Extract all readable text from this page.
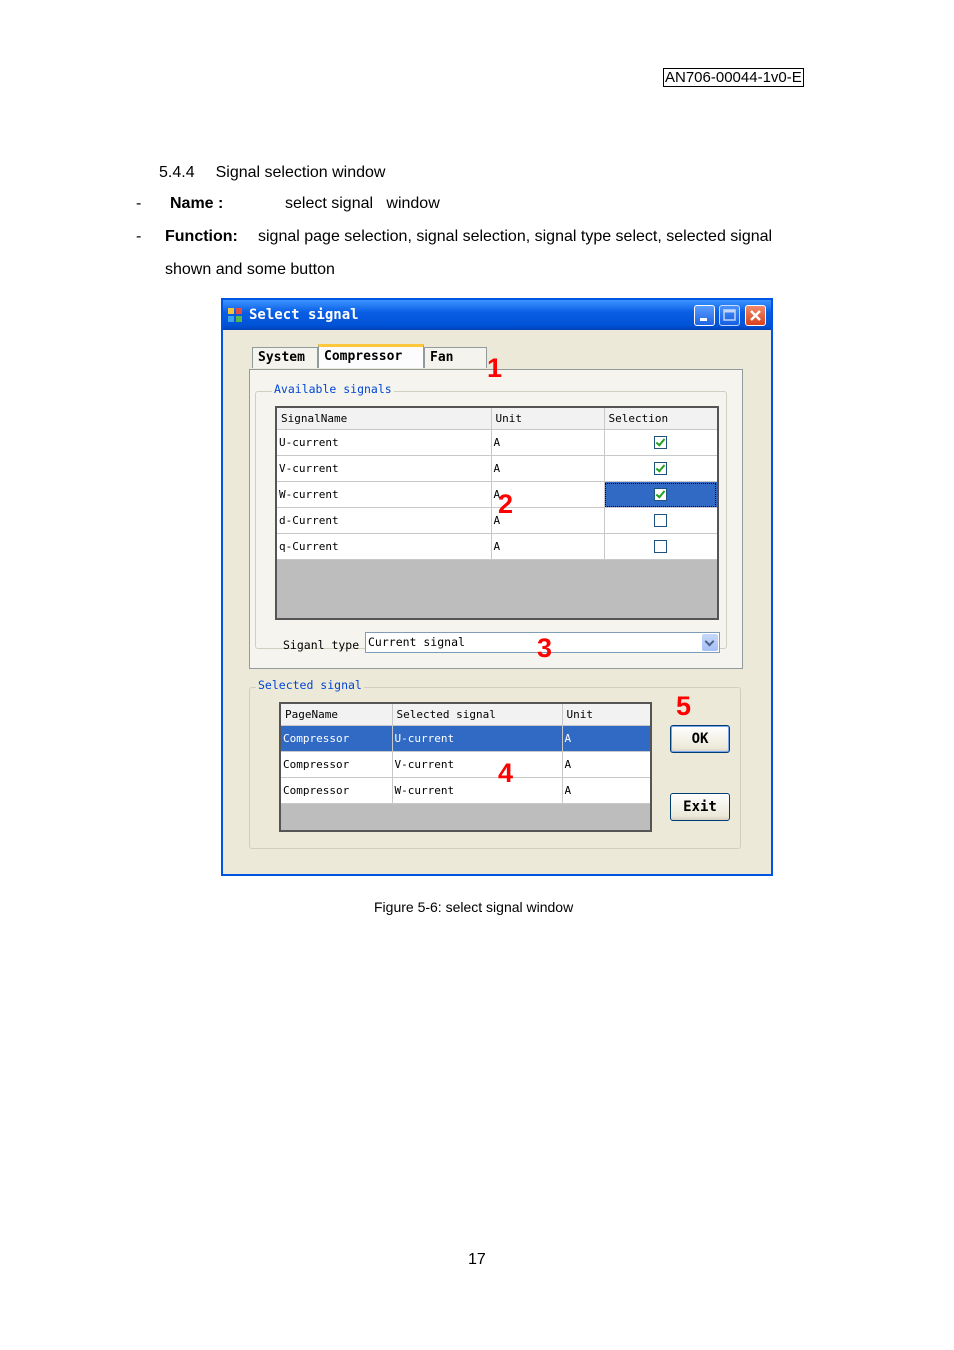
AN706-00044-1v0-E
5.4.4 Signal selection window
- Name :	select signal   window
- Function: signal page selection, signal selection, signal type select, selected signal
shown and some button
Select signal
System	Compressor	Fan
Available signals
SignalName	Unit	Selection
U-current	A	
V-current	A	
W-current	A	
d-Current	A	
q-Current	A	
Siganl type Current signal
Selected signal
PageName	Selected signal	Unit
Compressor	U-current	A
Compressor	V-current	A
Compressor	W-current	A
OK
Exit
1
2
3
4
5
Figure 5-6: select signal window
17
